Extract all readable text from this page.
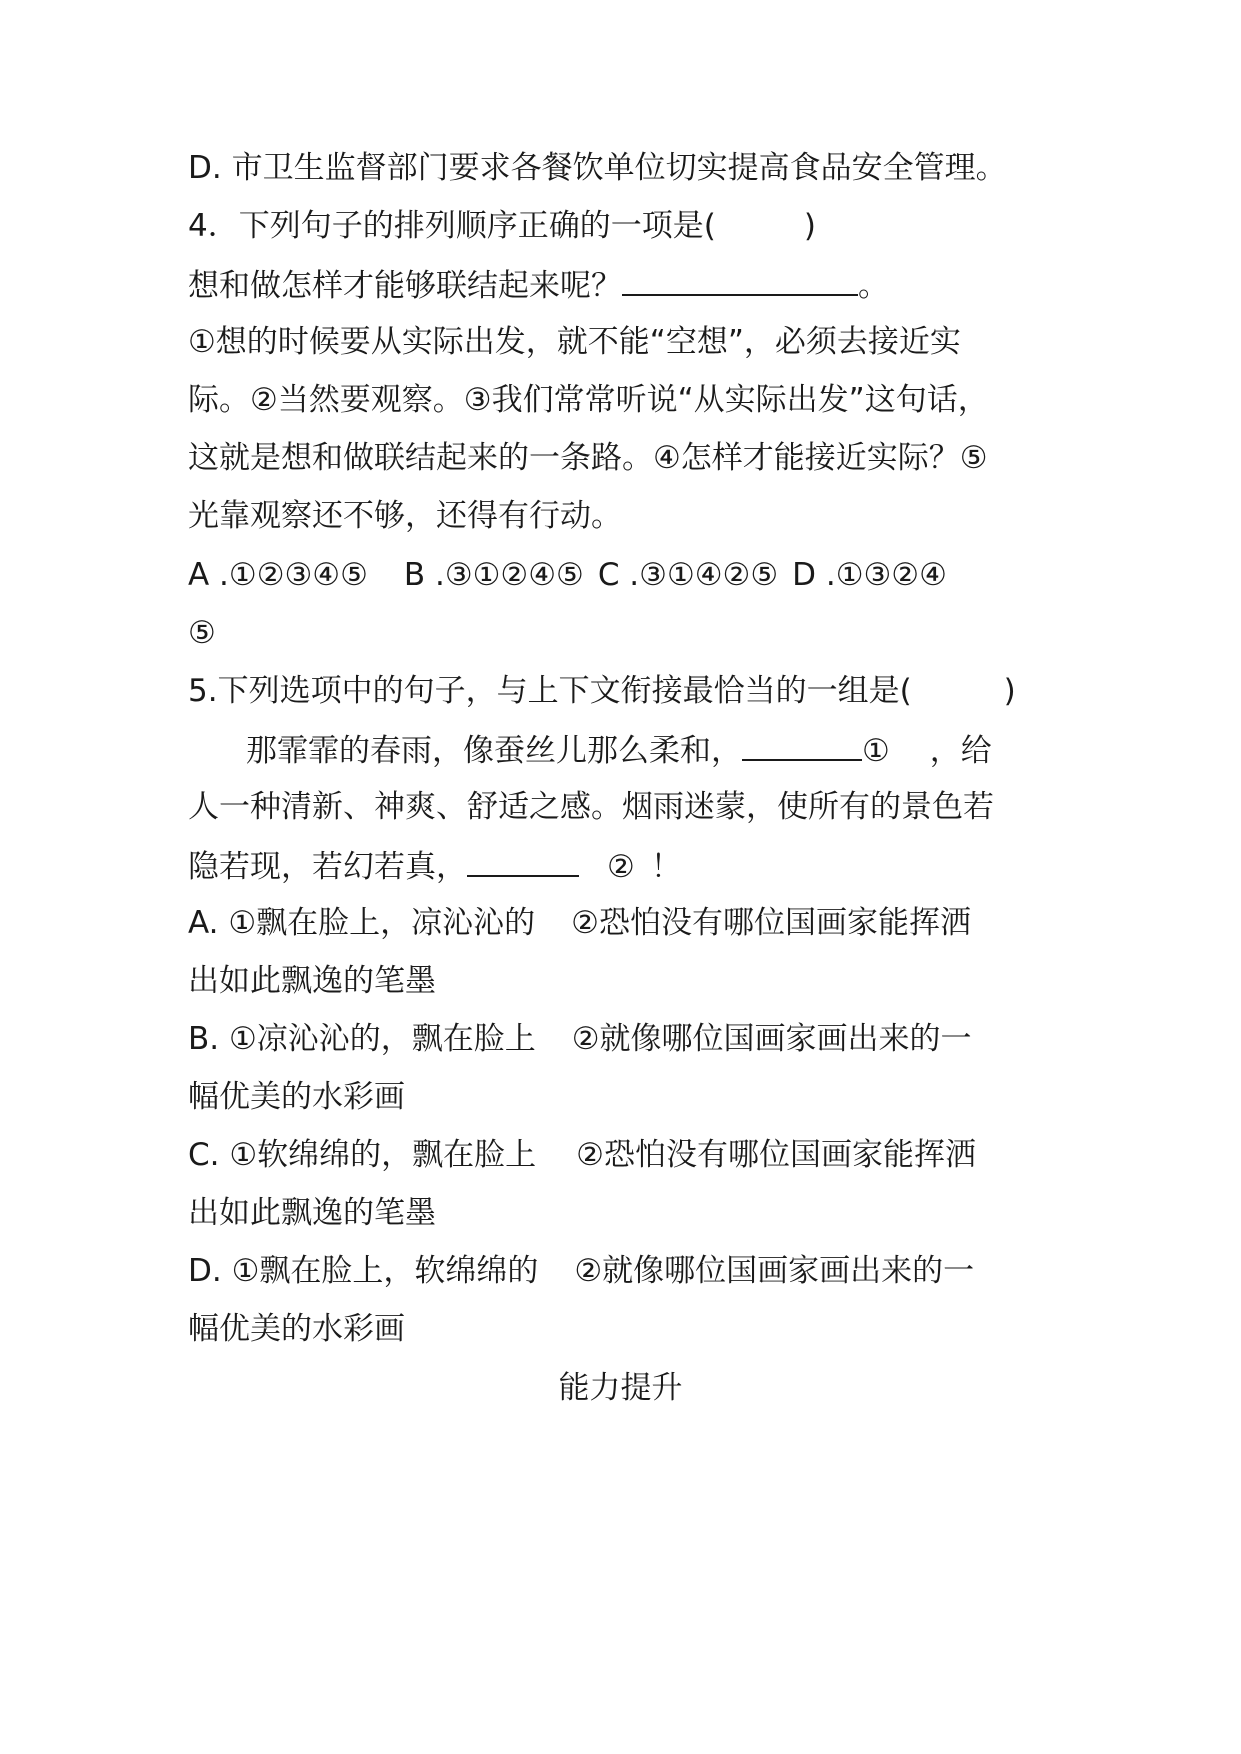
D. 市卫生监督部门要求各餐饮单位切实提高食品安全管理。
4．下列句子的排列顺序正确的一项是(	)
想和做怎样才能够联结起来呢？	。
①想的时候要从实际出发，就不能“空想”，必须去接近实
际。②当然要观察。③我们常常听说“从实际出发”这句话，
这就是想和做联结起来的一条路。④怎样才能接近实际？⑤
光靠观察还不够，还得有行动。
A .①②③④⑤ B .③①②④⑤ C .③①④②⑤ D .①③②④
⑤
5.下列选项中的句子，与上下文衔接最恰当的一组是(	)
那霏霏的春雨，像蚕丝儿那么柔和，	① ，给
人一种清新、神爽、舒适之感。烟雨迷蒙，使所有的景色若
隐若现，若幻若真，	② ！
A. ①飘在脸上，凉沁沁的 ②恐怕没有哪位国画家能挥洒
出如此飘逸的笔墨
B. ①凉沁沁的，飘在脸上 ②就像哪位国画家画出来的一
幅优美的水彩画
C. ①软绵绵的，飘在脸上 ②恐怕没有哪位国画家能挥洒
出如此飘逸的笔墨
D. ①飘在脸上，软绵绵的 ②就像哪位国画家画出来的一
幅优美的水彩画
能力提升
